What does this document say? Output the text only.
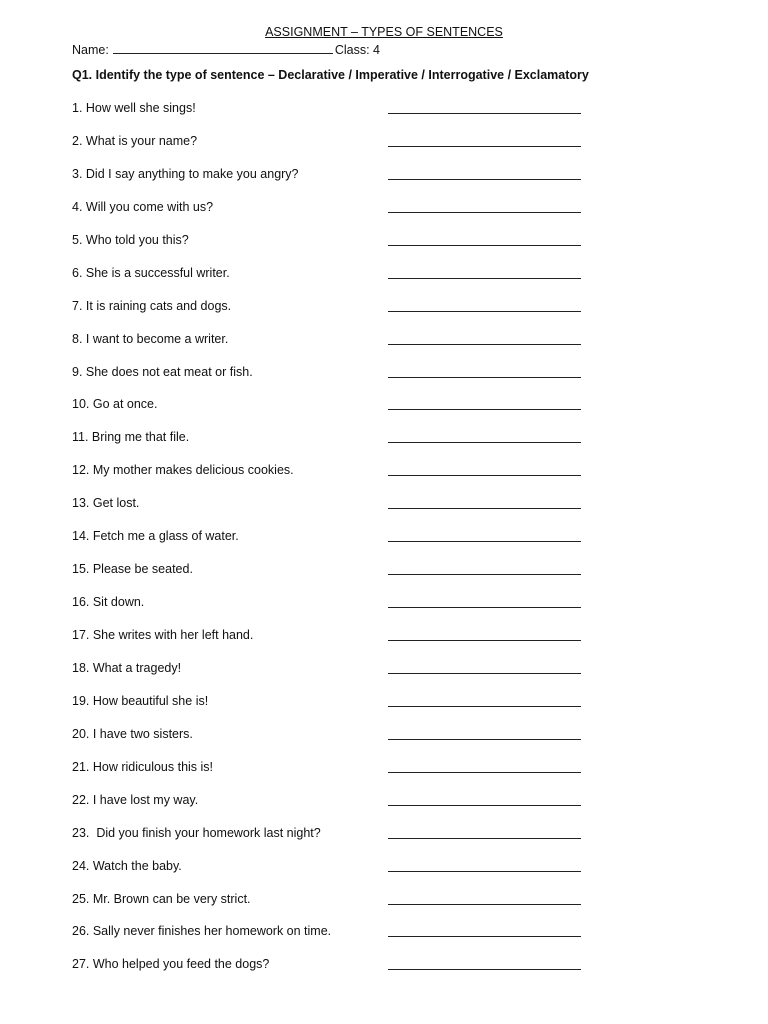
ASSIGNMENT – TYPES OF SENTENCES
Name:	Class: 4
Q1. Identify the type of sentence – Declarative / Imperative / Interrogative / Exclamatory
1. How well she sings!
2. What is your name?
3. Did I say anything to make you angry?
4. Will you come with us?
5. Who told you this?
6. She is a successful writer.
7. It is raining cats and dogs.
8. I want to become a writer.
9. She does not eat meat or fish.
10. Go at once.
11. Bring me that file.
12. My mother makes delicious cookies.
13. Get lost.
14. Fetch me a glass of water.
15. Please be seated.
16. Sit down.
17. She writes with her left hand.
18. What a tragedy!
19. How beautiful she is!
20. I have two sisters.
21. How ridiculous this is!
22. I have lost my way.
23.  Did you finish your homework last night?
24. Watch the baby.
25. Mr. Brown can be very strict.
26. Sally never finishes her homework on time.
27. Who helped you feed the dogs?
